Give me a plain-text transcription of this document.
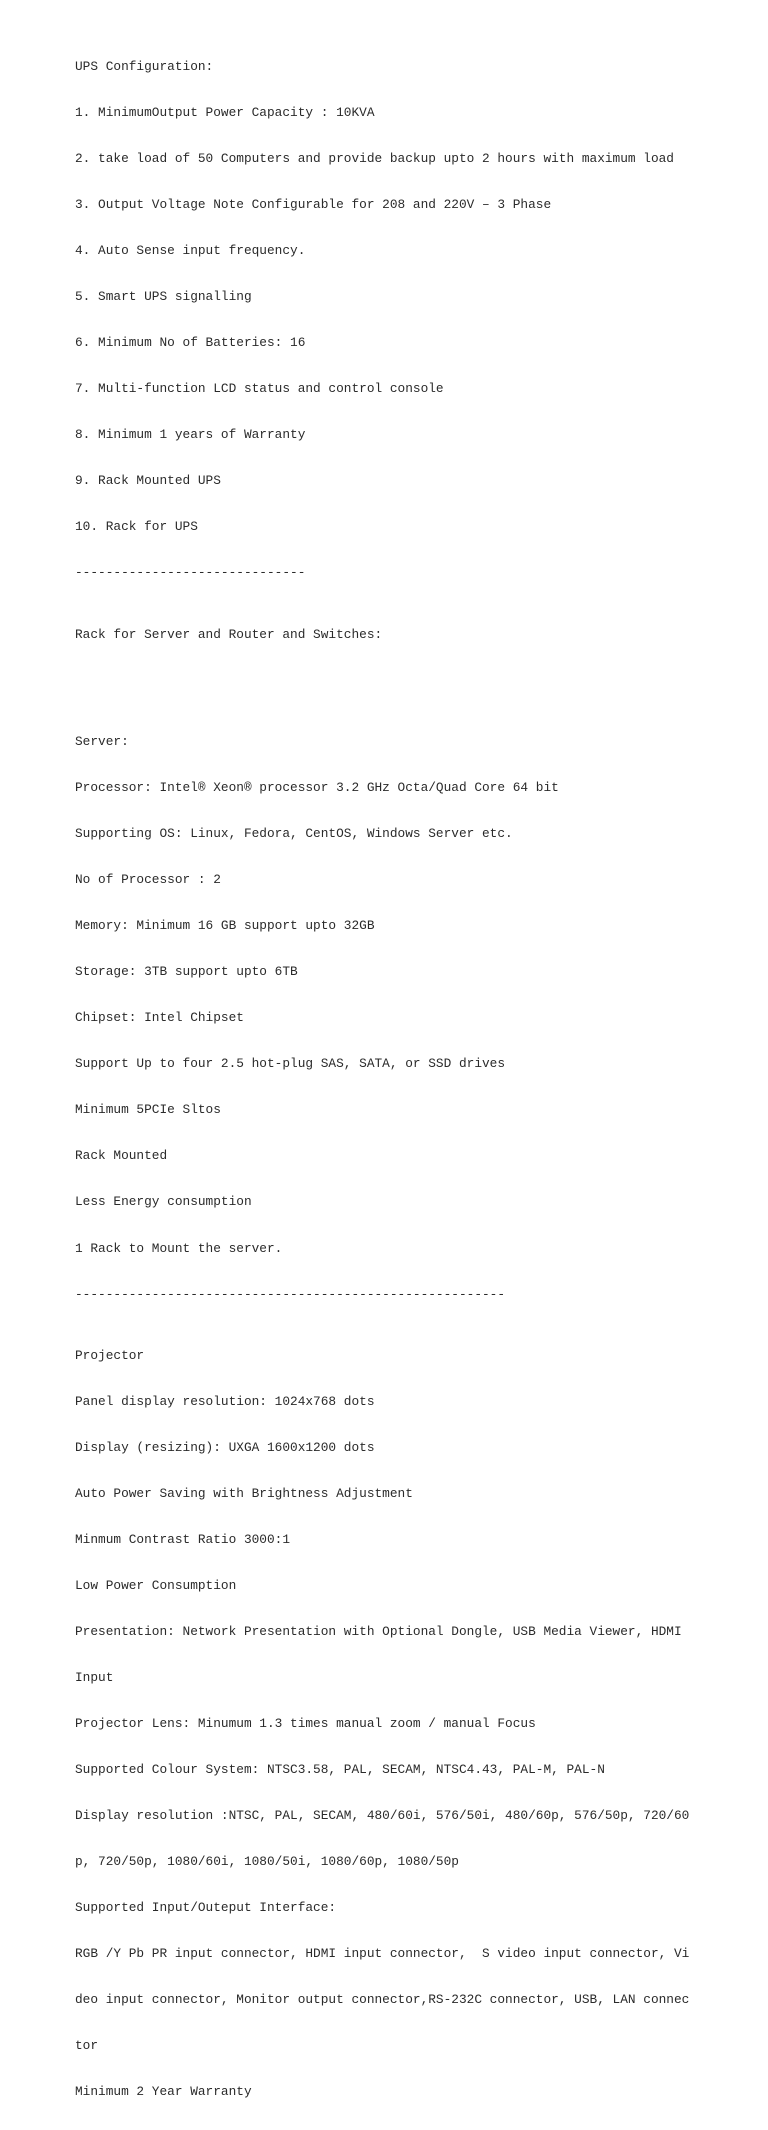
UPS Configuration:

1. MinimumOutput Power Capacity : 10KVA

2. take load of 50 Computers and provide backup upto 2 hours with maximum load

3. Output Voltage Note Configurable for 208 and 220V – 3 Phase

4. Auto Sense input frequency.

5. Smart UPS signalling

6. Minimum No of Batteries: 16

7. Multi-function LCD status and control console

8. Minimum 1 years of Warranty

9. Rack Mounted UPS

10. Rack for UPS

------------------------------

Rack for Server and Router and Switches:

Server:

Processor: Intel® Xeon® processor 3.2 GHz Octa/Quad Core 64 bit

Supporting OS: Linux, Fedora, CentOS, Windows Server etc.

No of Processor : 2

Memory: Minimum 16 GB support upto 32GB

Storage: 3TB support upto 6TB

Chipset: Intel Chipset

Support Up to four 2.5 hot-plug SAS, SATA, or SSD drives

Minimum 5PCIe Sltos

Rack Mounted

Less Energy consumption

1 Rack to Mount the server.

--------------------------------------------------------

Projector

Panel display resolution: 1024x768 dots

Display (resizing): UXGA 1600x1200 dots

Auto Power Saving with Brightness Adjustment

Minmum Contrast Ratio 3000:1

Low Power Consumption

Presentation: Network Presentation with Optional Dongle, USB Media Viewer, HDMI

Input

Projector Lens: Minumum 1.3 times manual zoom / manual Focus

Supported Colour System: NTSC3.58, PAL, SECAM, NTSC4.43, PAL-M, PAL-N

Display resolution :NTSC, PAL, SECAM, 480/60i, 576/50i, 480/60p, 576/50p, 720/60

p, 720/50p, 1080/60i, 1080/50i, 1080/60p, 1080/50p

Supported Input/Outeput Interface:

RGB /Y Pb PR input connector, HDMI input connector,  S video input connector, Vi

deo input connector, Monitor output connector,RS-232C connector, USB, LAN connec

tor

Minimum 2 Year Warranty
